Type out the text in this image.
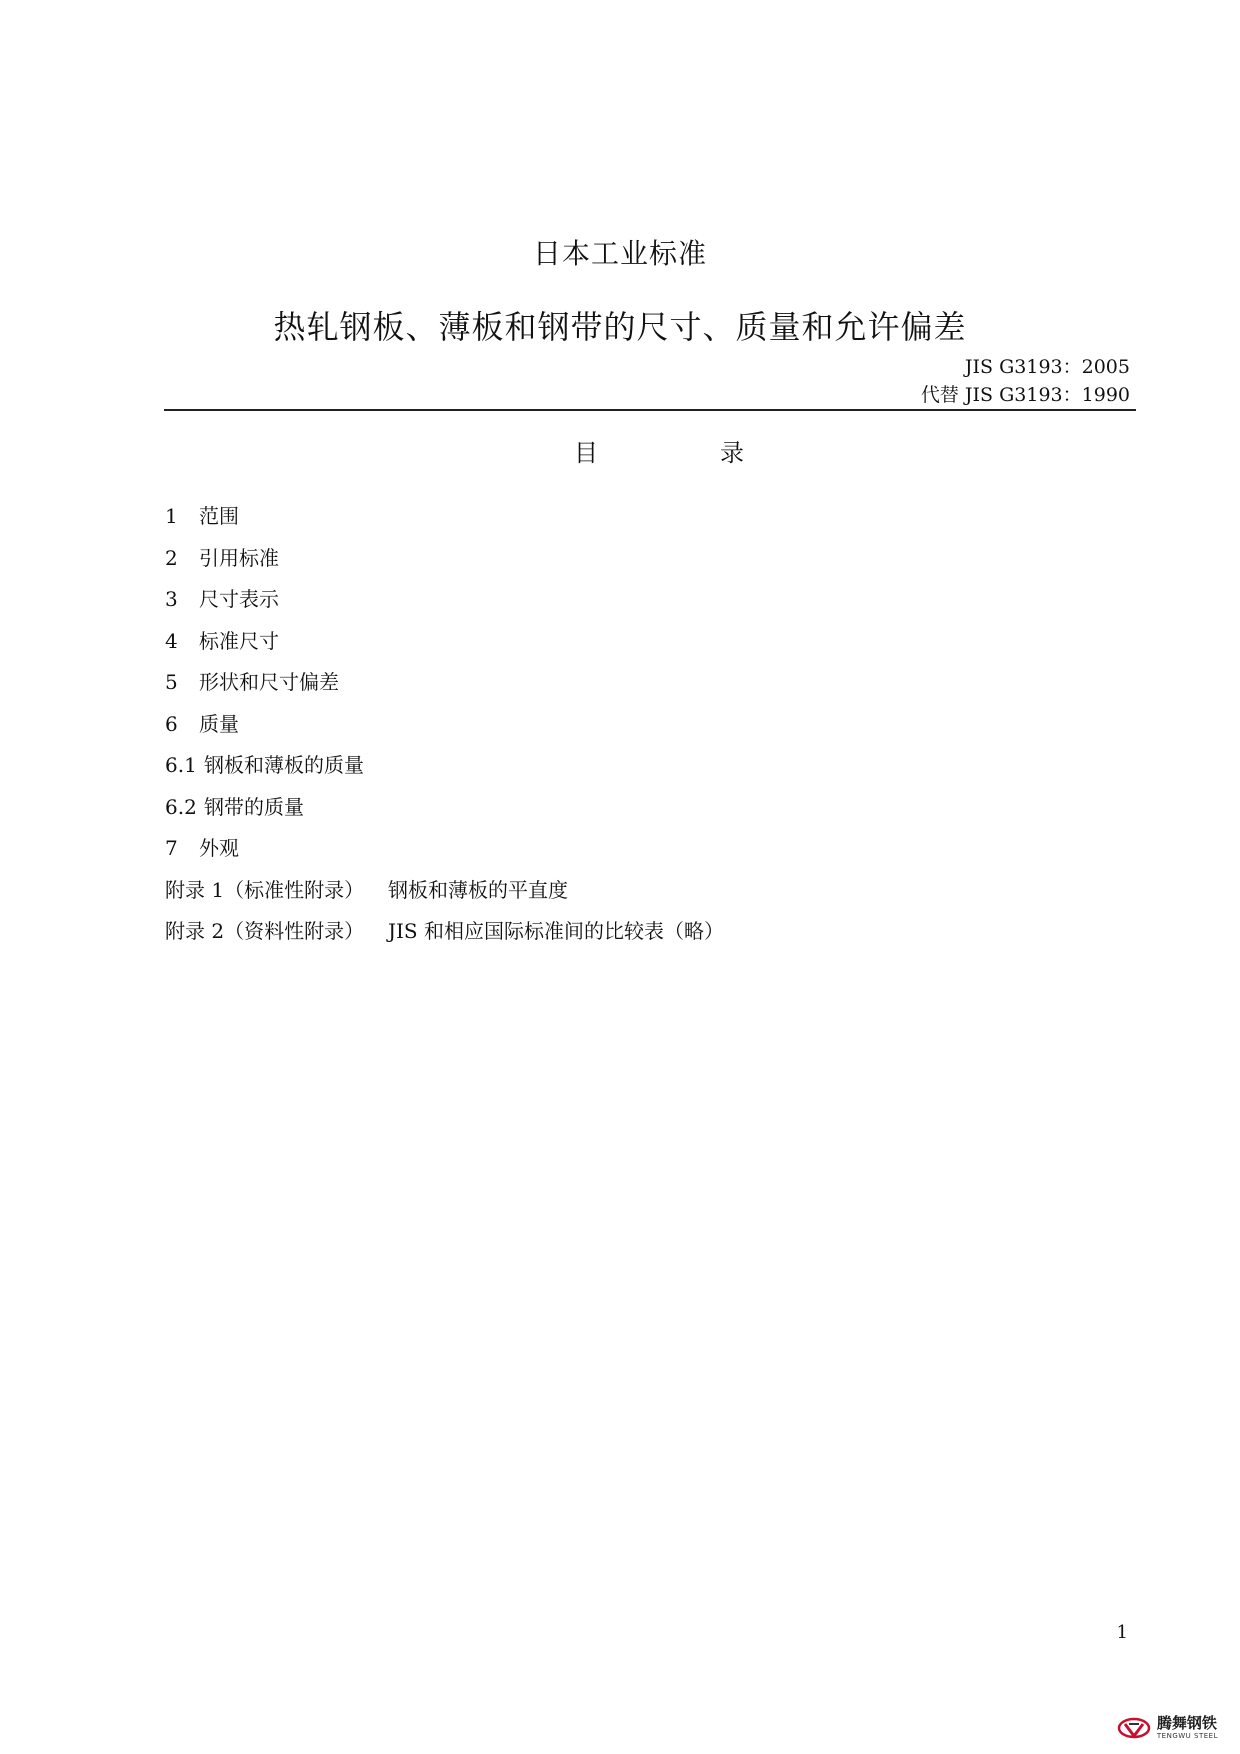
日本工业标准
热轧钢板、薄板和钢带的尺寸、质量和允许偏差
JIS G3193：2005
代替 JIS G3193：1990
目	录
1	范围
2	引用标准
3	尺寸表示
4	标准尺寸
5	形状和尺寸偏差
6	质量
6.1 钢板和薄板的质量
6.2 钢带的质量
7	外观
附录 1（标准性附录）	钢板和薄板的平直度
附录 2（资料性附录）	JIS 和相应国际标准间的比较表（略）
1
腾舞钢铁
TENGWU STEEL
